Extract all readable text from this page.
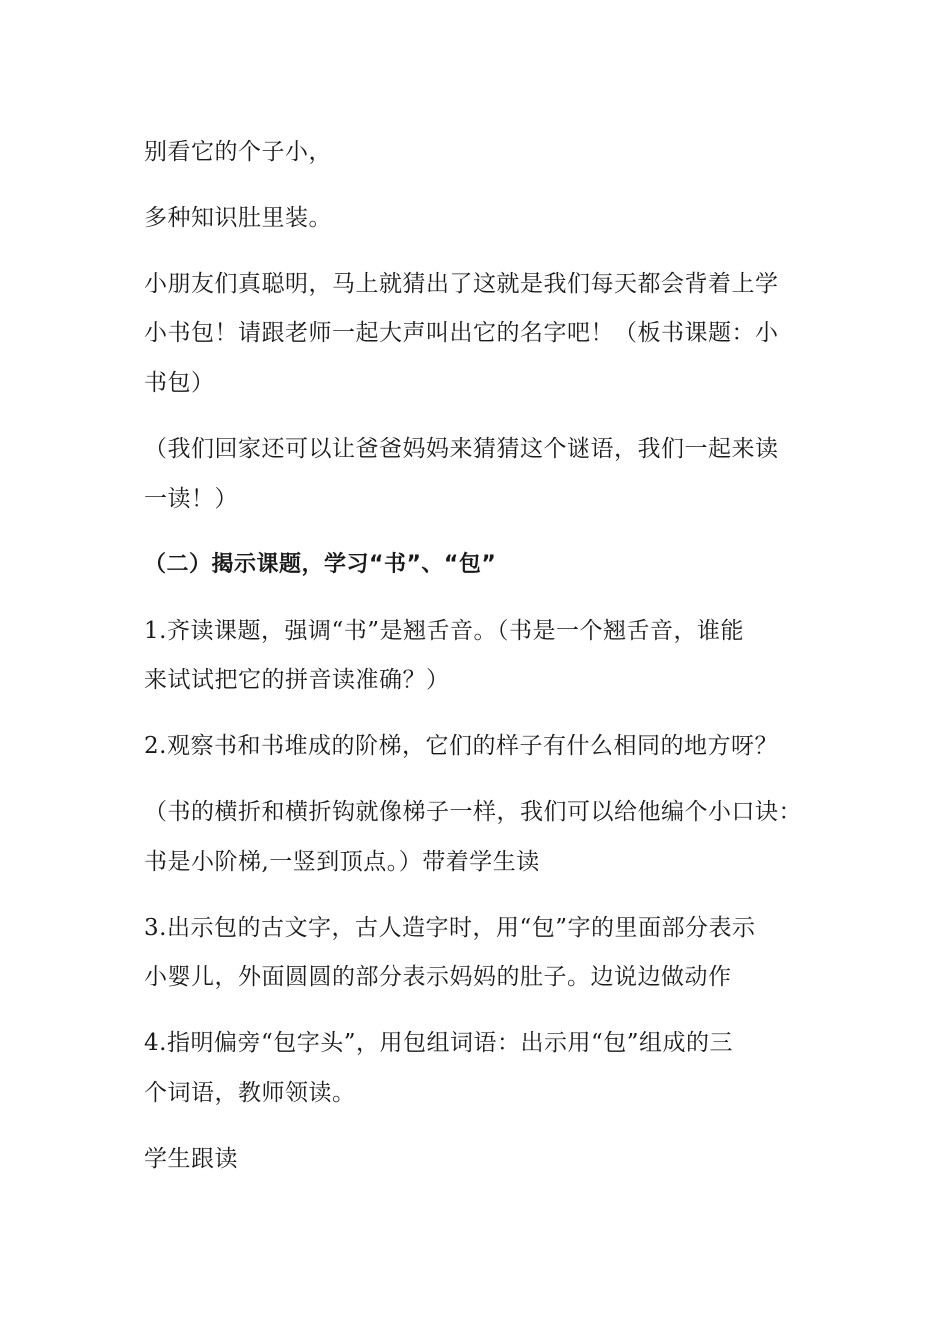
别看它的个子小，
多种知识肚里装。
小朋友们真聪明，马上就猜出了这就是我们每天都会背着上学
小书包！请跟老师一起大声叫出它的名字吧！（板书课题：小
书包）
（我们回家还可以让爸爸妈妈来猜猜这个谜语，我们一起来读
一读！）
（二）揭示课题，学习“书”、“包”
1.齐读课题，强调“书”是翘舌音。（书是一个翘舌音，谁能
来试试把它的拼音读准确？）
2.观察书和书堆成的阶梯，它们的样子有什么相同的地方呀？
（书的横折和横折钩就像梯子一样，我们可以给他编个小口诀：
书是小阶梯,一竖到顶点。）带着学生读
3.出示包的古文字，古人造字时，用“包”字的里面部分表示
小婴儿，外面圆圆的部分表示妈妈的肚子。边说边做动作
4.指明偏旁“包字头”，用包组词语：出示用“包”组成的三
个词语，教师领读。
学生跟读
